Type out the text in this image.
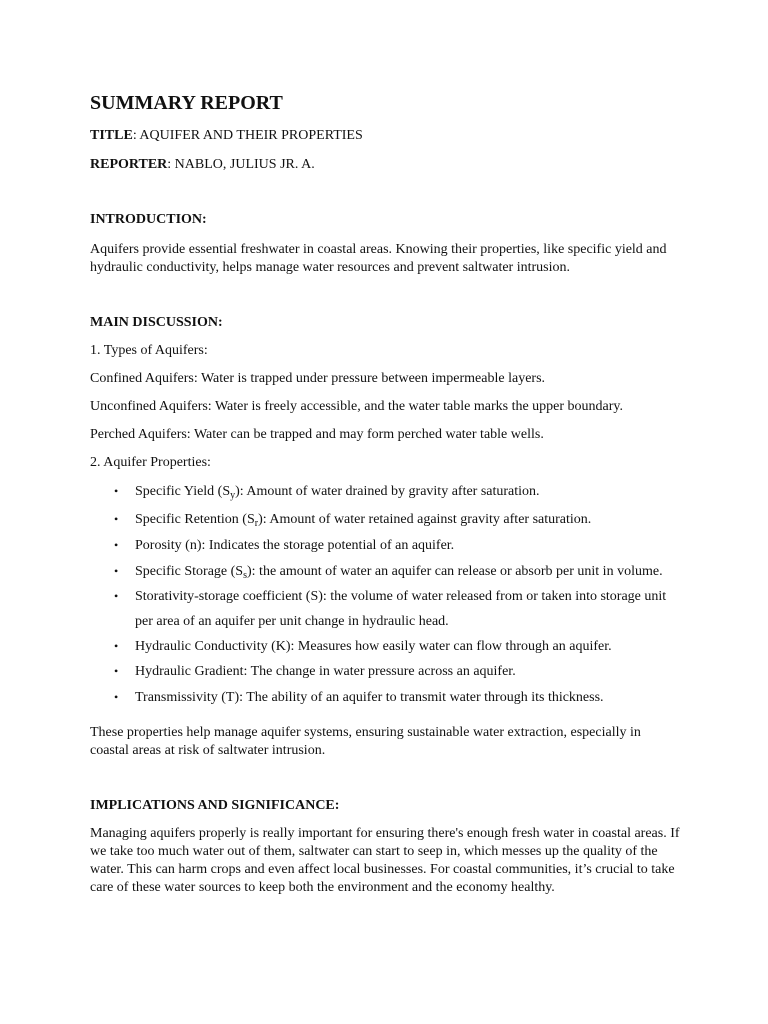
SUMMARY REPORT
TITLE: AQUIFER AND THEIR PROPERTIES
REPORTER: NABLO, JULIUS JR. A.
INTRODUCTION:
Aquifers provide essential freshwater in coastal areas. Knowing their properties, like specific yield and hydraulic conductivity, helps manage water resources and prevent saltwater intrusion.
MAIN DISCUSSION:
1. Types of Aquifers:
Confined Aquifers: Water is trapped under pressure between impermeable layers.
Unconfined Aquifers: Water is freely accessible, and the water table marks the upper boundary.
Perched Aquifers: Water can be trapped and may form perched water table wells.
2. Aquifer Properties:
• Specific Yield $(S_y)$: Amount of water drained by gravity after saturation.
• Specific Retention $(S_r)$: Amount of water retained against gravity after saturation.
• Porosity (n): Indicates the storage potential of an aquifer.
• Specific Storage $(S_s)$: the amount of water an aquifer can release or absorb per unit in volume.
• Storativity-storage coefficient (S): the volume of water released from or taken into storage unit per area of an aquifer per unit change in hydraulic head.
• Hydraulic Conductivity (K): Measures how easily water can flow through an aquifer.
• Hydraulic Gradient: The change in water pressure across an aquifer.
• Transmissivity (T): The ability of an aquifer to transmit water through its thickness.
These properties help manage aquifer systems, ensuring sustainable water extraction, especially in coastal areas at risk of saltwater intrusion.
IMPLICATIONS AND SIGNIFICANCE:
Managing aquifers properly is really important for ensuring there's enough fresh water in coastal areas. If we take too much water out of them, saltwater can start to seep in, which messes up the quality of the water. This can harm crops and even affect local businesses. For coastal communities, it’s crucial to take care of these water sources to keep both the environment and the economy healthy.
